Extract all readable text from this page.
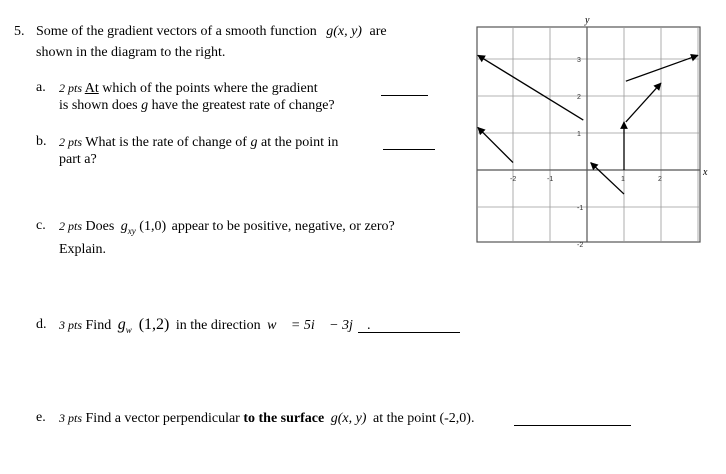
5. Some of the gradient vectors of a smooth function g(x, y) are
shown in the diagram to the right.
a. 2 pts At which of the points where the gradient
is shown does g have the greatest rate of change?
b. 2 pts What is the rate of change of g at the point in
part a?
c. 2 pts Does $g_{xy}$ (1,0) appear to be positive, negative, or zero?
Explain.
d. 3 pts Find $g_{w⃗}(1,2)$ in the direction w⃗ = 5i⃗ − 3j⃗ .
e. 3 pts Find a vector perpendicular to the surface g(x, y) at the point (-2,0).
-2	-1	1	2
3
2
1
-1
-2
y
x
